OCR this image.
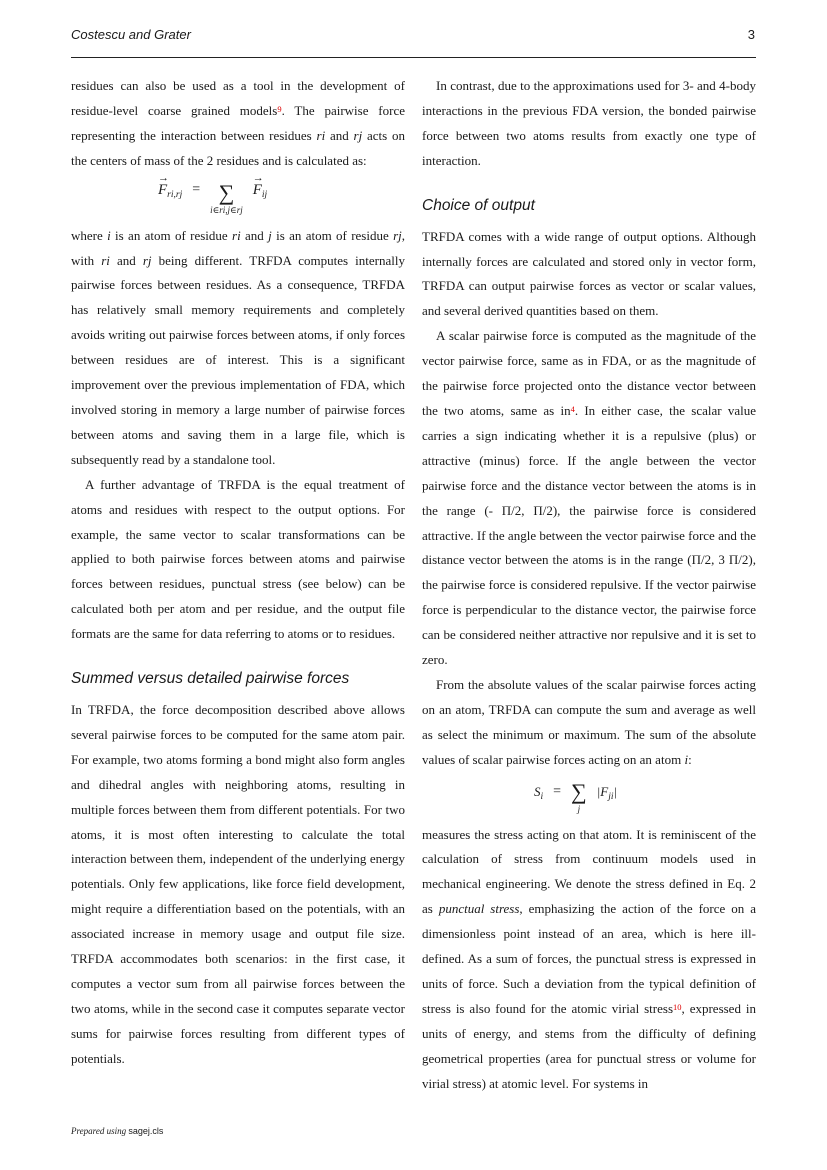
Costescu and Grater	3

residues can also be used as a tool in the development of residue-level coarse grained models$^9$. The pairwise force representing the interaction between residues ri and rj acts on the centers of mass of the 2 residues and is calculated as:

→ $F_{ri,rj}$ = ∑
i∈ri,j∈rj
→ $F_{ij}$

where i is an atom of residue ri and j is an atom of residue rj, with ri and rj being different. TRFDA computes internally pairwise forces between residues. As a consequence, TRFDA has relatively small memory requirements and completely avoids writing out pairwise forces between atoms, if only forces between residues are of interest. This is a significant improvement over the previous implementation of FDA, which involved storing in memory a large number of pairwise forces between atoms and saving them in a large file, which is subsequently read by a standalone tool.

A further advantage of TRFDA is the equal treatment of atoms and residues with respect to the output options. For example, the same vector to scalar transformations can be applied to both pairwise forces between atoms and pairwise forces between residues, punctual stress (see below) can be calculated both per atom and per residue, and the output file formats are the same for data referring to atoms or to residues.

Summed versus detailed pairwise forces

In TRFDA, the force decomposition described above allows several pairwise forces to be computed for the same atom pair. For example, two atoms forming a bond might also form angles and dihedral angles with neighboring atoms, resulting in multiple forces between them from different potentials. For two atoms, it is most often interesting to calculate the total interaction between them, independent of the underlying energy potentials. Only few applications, like force field development, might require a differentiation based on the potentials, with an associated increase in memory usage and output file size. TRFDA accommodates both scenarios: in the first case, it computes a vector sum from all pairwise forces between the two atoms, while in the second case it computes separate vector sums for pairwise forces resulting from different types of potentials.

In contrast, due to the approximations used for 3- and 4-body interactions in the previous FDA version, the bonded pairwise force between two atoms results from exactly one type of interaction.

Choice of output

TRFDA comes with a wide range of output options. Although internally forces are calculated and stored only in vector form, TRFDA can output pairwise forces as vector or scalar values, and several derived quantities based on them.

A scalar pairwise force is computed as the magnitude of the vector pairwise force, same as in FDA, or as the magnitude of the pairwise force projected onto the distance vector between the two atoms, same as in$^4$. In either case, the scalar value carries a sign indicating whether it is a repulsive (plus) or attractive (minus) force. If the angle between the vector pairwise force and the distance vector between the atoms is in the range (- Π/2, Π/2), the pairwise force is considered attractive. If the angle between the vector pairwise force and the distance vector between the atoms is in the range (Π/2, 3 Π/2), the pairwise force is considered repulsive. If the vector pairwise force is perpendicular to the distance vector, the pairwise force can be considered neither attractive nor repulsive and it is set to zero.

From the absolute values of the scalar pairwise forces acting on an atom, TRFDA can compute the sum and average as well as select the minimum or maximum. The sum of the absolute values of scalar pairwise forces acting on an atom i:

$S_i$ = ∑
j
$|F_{ji}|$

measures the stress acting on that atom. It is reminiscent of the calculation of stress from continuum models used in mechanical engineering. We denote the stress defined in Eq. 2 as punctual stress, emphasizing the action of the force on a dimensionless point instead of an area, which is here ill-defined. As a sum of forces, the punctual stress is expressed in units of force. Such a deviation from the typical definition of stress is also found for the atomic virial stress$^{10}$, expressed in units of energy, and stems from the difficulty of defining geometrical properties (area for punctual stress or volume for virial stress) at atomic level. For systems in

Prepared using sagej.cls
